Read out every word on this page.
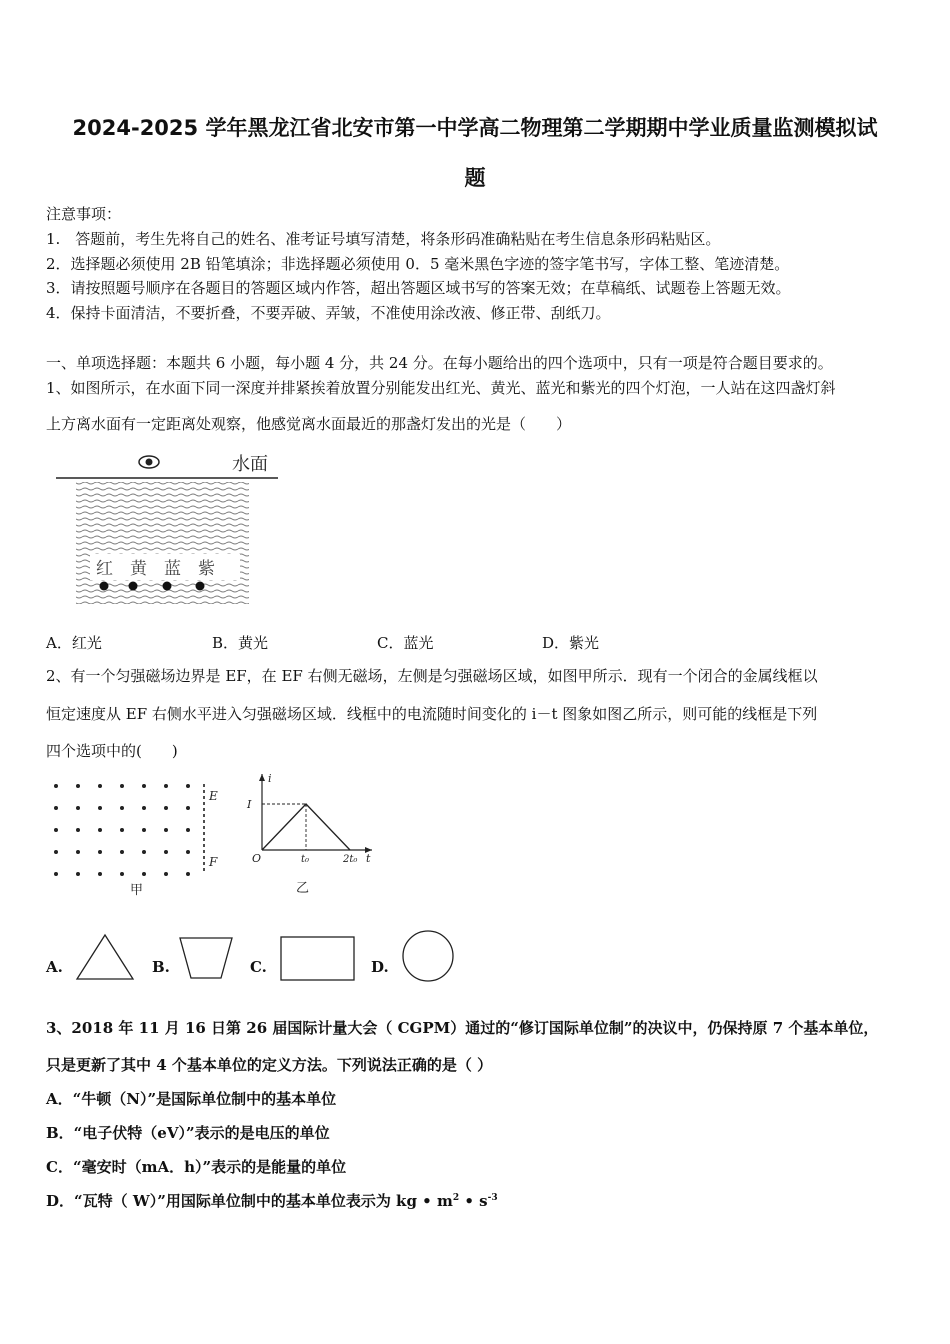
2024-2025 学年黑龙江省北安市第一中学高二物理第二学期期中学业质量监测模拟试
题
注意事项：
1.　答题前，考生先将自己的姓名、准考证号填写清楚，将条形码准确粘贴在考生信息条形码粘贴区。
2．选择题必须使用 2B 铅笔填涂；非选择题必须使用 0．5 毫米黑色字迹的签字笔书写，字体工整、笔迹清楚。
3．请按照题号顺序在各题目的答题区域内作答，超出答题区域书写的答案无效；在草稿纸、试题卷上答题无效。
4．保持卡面清洁，不要折叠，不要弄破、弄皱，不准使用涂改液、修正带、刮纸刀。
一、单项选择题：本题共 6 小题，每小题 4 分，共 24 分。在每小题给出的四个选项中，只有一项是符合题目要求的。
1、如图所示，在水面下同一深度并排紧挨着放置分别能发出红光、黄光、蓝光和紫光的四个灯泡，一人站在这四盏灯斜
上方离水面有一定距离处观察，他感觉离水面最近的那盏灯发出的光是（　　）
水面
红 黄 蓝 紫
A．红光	B．黄光	C．蓝光	D．紫光
2、有一个匀强磁场边界是 EF，在 EF 右侧无磁场，左侧是匀强磁场区域，如图甲所示．现有一个闭合的金属线框以
恒定速度从 EF 右侧水平进入匀强磁场区域．线框中的电流随时间变化的 i－t 图象如图乙所示，则可能的线框是下列
四个选项中的(　　)
E
F
甲
i
t
I
O	t₀	2t₀
乙
A.	B.	C.	D.
3、2018 年 11 月 16 日第 26 届国际计量大会（ CGPM）通过的“修订国际单位制”的决议中，仍保持原 7 个基本单位，
只是更新了其中 4 个基本单位的定义方法。下列说法正确的是（ ）
A．“牛顿（N）”是国际单位制中的基本单位
B．“电子伏特（eV）”表示的是电压的单位
C．“毫安时（mA．h）”表示的是能量的单位
D．“瓦特（ W）”用国际单位制中的基本单位表示为 kg • $m^2$ • $s^{-3}$
